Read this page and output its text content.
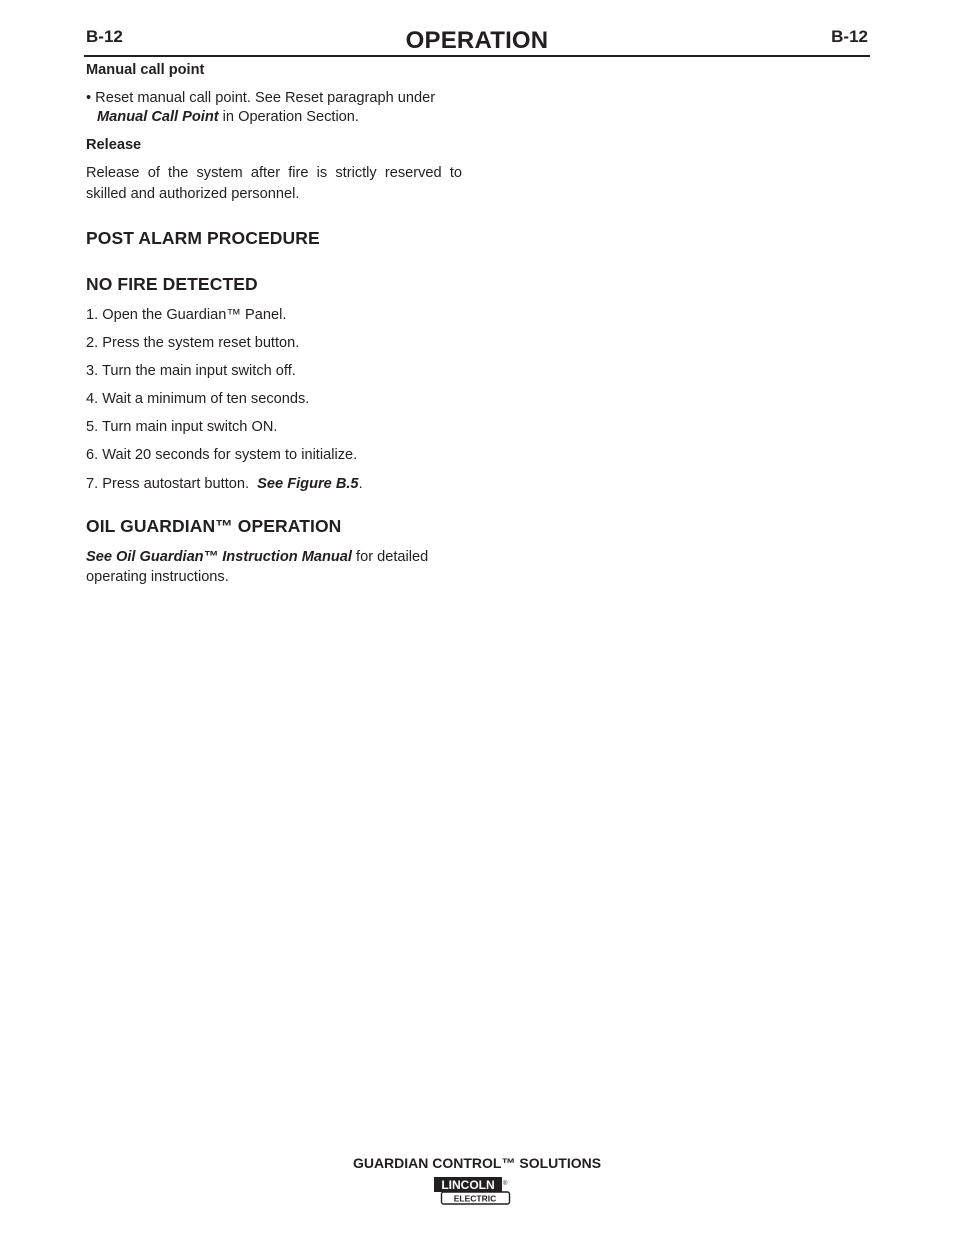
B-12	OPERATION	B-12
Manual call point
• Reset manual call point. See Reset paragraph under
Manual Call Point in Operation Section.
Release
Release of the system after fire is strictly reserved to skilled and authorized personnel.
POST ALARM PROCEDURE
NO FIRE DETECTED
1. Open the Guardian™ Panel.
2. Press the system reset button.
3. Turn the main input switch off.
4. Wait a minimum of ten seconds.
5. Turn main input switch ON.
6. Wait 20 seconds for system to initialize.
7. Press autostart button.  See Figure B.5.
OIL GUARDIAN™ OPERATION
See Oil Guardian™ Instruction Manual for detailed
operating instructions.
GUARDIAN CONTROL™ SOLUTIONS
LINCOLN
ELECTRIC
®
